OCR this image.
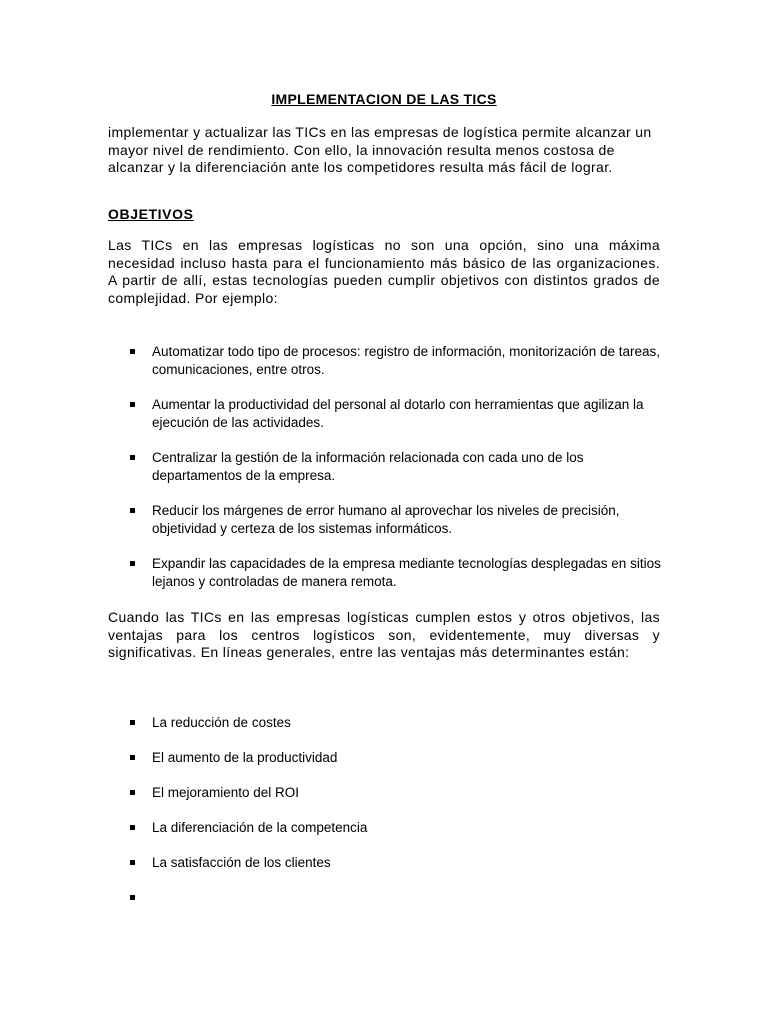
IMPLEMENTACION DE LAS TICS

implementar y actualizar las TICs en las empresas de logística permite alcanzar un mayor nivel de rendimiento. Con ello, la innovación resulta menos costosa de alcanzar y la diferenciación ante los competidores resulta más fácil de lograr.

OBJETIVOS

Las TICs en las empresas logísticas no son una opción, sino una máxima necesidad incluso hasta para el funcionamiento más básico de las organizaciones. A partir de allí, estas tecnologías pueden cumplir objetivos con distintos grados de complejidad. Por ejemplo:

Automatizar todo tipo de procesos: registro de información, monitorización de tareas, comunicaciones, entre otros.
Aumentar la productividad del personal al dotarlo con herramientas que agilizan la ejecución de las actividades.
Centralizar la gestión de la información relacionada con cada uno de los departamentos de la empresa.
Reducir los márgenes de error humano al aprovechar los niveles de precisión, objetividad y certeza de los sistemas informáticos.
Expandir las capacidades de la empresa mediante tecnologías desplegadas en sitios lejanos y controladas de manera remota.

Cuando las TICs en las empresas logísticas cumplen estos y otros objetivos, las ventajas para los centros logísticos son, evidentemente, muy diversas y significativas. En líneas generales, entre las ventajas más determinantes están:

La reducción de costes
El aumento de la productividad
El mejoramiento del ROI
La diferenciación de la competencia
La satisfacción de los clientes
